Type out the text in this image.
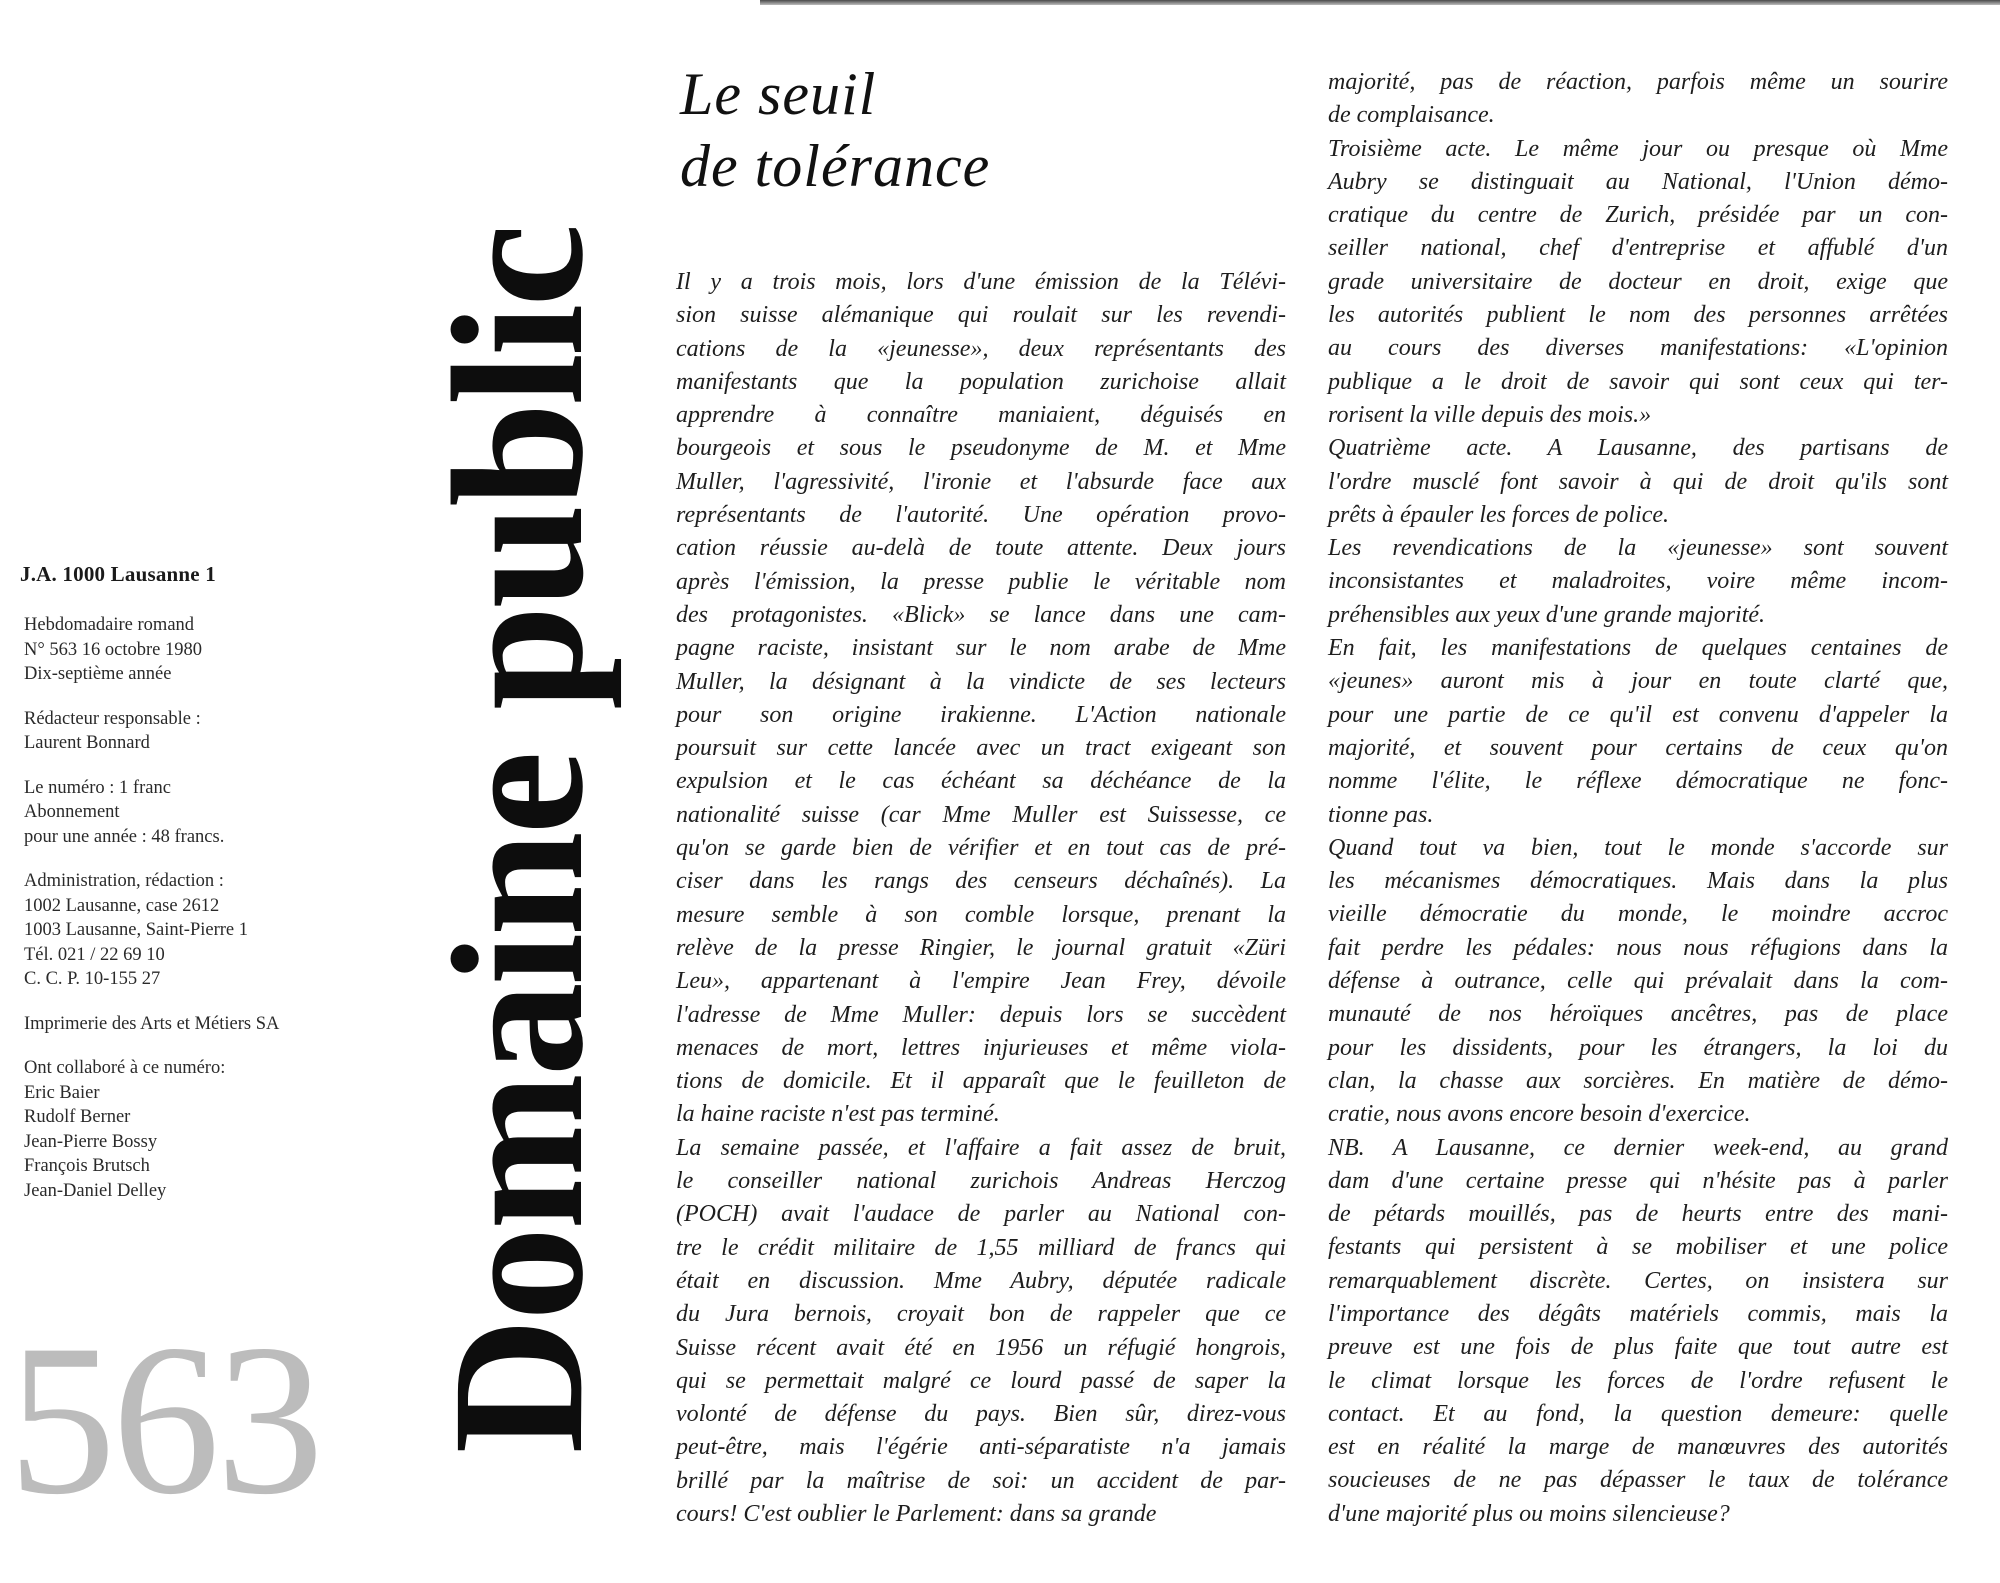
J.A. 1000 Lausanne 1
Hebdomadaire romand
N° 563 16 octobre 1980
Dix-septième année
Rédacteur responsable :
Laurent Bonnard
Le numéro : 1 franc
Abonnement
pour une année : 48 francs.
Administration, rédaction :
1002 Lausanne, case 2612
1003 Lausanne, Saint-Pierre 1
Tél. 021 / 22 69 10
C. C. P. 10-155 27
Imprimerie des Arts et Métiers SA
Ont collaboré à ce numéro:
Eric Baier
Rudolf Berner
Jean-Pierre Bossy
François Brutsch
Jean-Daniel Delley
563 Domaine public
Le seuil
de tolérance
Il y a trois mois, lors d'une émission de la Télévi-
sion suisse alémanique qui roulait sur les revendi-
cations de la «jeunesse», deux représentants des
manifestants que la population zurichoise allait
apprendre à connaître maniaient, déguisés en
bourgeois et sous le pseudonyme de M. et Mme
Muller, l'agressivité, l'ironie et l'absurde face aux
représentants de l'autorité. Une opération provo-
cation réussie au-delà de toute attente. Deux jours
après l'émission, la presse publie le véritable nom
des protagonistes. «Blick» se lance dans une cam-
pagne raciste, insistant sur le nom arabe de Mme
Muller, la désignant à la vindicte de ses lecteurs
pour son origine irakienne. L'Action nationale
poursuit sur cette lancée avec un tract exigeant son
expulsion et le cas échéant sa déchéance de la
nationalité suisse (car Mme Muller est Suissesse, ce
qu'on se garde bien de vérifier et en tout cas de pré-
ciser dans les rangs des censeurs déchaînés). La
mesure semble à son comble lorsque, prenant la
relève de la presse Ringier, le journal gratuit «Züri
Leu», appartenant à l'empire Jean Frey, dévoile
l'adresse de Mme Muller: depuis lors se succèdent
menaces de mort, lettres injurieuses et même viola-
tions de domicile. Et il apparaît que le feuilleton de
la haine raciste n'est pas terminé.
La semaine passée, et l'affaire a fait assez de bruit,
le conseiller national zurichois Andreas Herczog
(POCH) avait l'audace de parler au National con-
tre le crédit militaire de 1,55 milliard de francs qui
était en discussion. Mme Aubry, députée radicale
du Jura bernois, croyait bon de rappeler que ce
Suisse récent avait été en 1956 un réfugié hongrois,
qui se permettait malgré ce lourd passé de saper la
volonté de défense du pays. Bien sûr, direz-vous
peut-être, mais l'égérie anti-séparatiste n'a jamais
brillé par la maîtrise de soi: un accident de par-
cours! C'est oublier le Parlement: dans sa grande
majorité, pas de réaction, parfois même un sourire
de complaisance.
Troisième acte. Le même jour ou presque où Mme
Aubry se distinguait au National, l'Union démo-
cratique du centre de Zurich, présidée par un con-
seiller national, chef d'entreprise et affublé d'un
grade universitaire de docteur en droit, exige que
les autorités publient le nom des personnes arrêtées
au cours des diverses manifestations: «L'opinion
publique a le droit de savoir qui sont ceux qui ter-
rorisent la ville depuis des mois.»
Quatrième acte. A Lausanne, des partisans de
l'ordre musclé font savoir à qui de droit qu'ils sont
prêts à épauler les forces de police.
Les revendications de la «jeunesse» sont souvent
inconsistantes et maladroites, voire même incom-
préhensibles aux yeux d'une grande majorité.
En fait, les manifestations de quelques centaines de
«jeunes» auront mis à jour en toute clarté que,
pour une partie de ce qu'il est convenu d'appeler la
majorité, et souvent pour certains de ceux qu'on
nomme l'élite, le réflexe démocratique ne fonc-
tionne pas.
Quand tout va bien, tout le monde s'accorde sur
les mécanismes démocratiques. Mais dans la plus
vieille démocratie du monde, le moindre accroc
fait perdre les pédales: nous nous réfugions dans la
défense à outrance, celle qui prévalait dans la com-
munauté de nos héroïques ancêtres, pas de place
pour les dissidents, pour les étrangers, la loi du
clan, la chasse aux sorcières. En matière de démo-
cratie, nous avons encore besoin d'exercice.
NB. A Lausanne, ce dernier week-end, au grand
dam d'une certaine presse qui n'hésite pas à parler
de pétards mouillés, pas de heurts entre des mani-
festants qui persistent à se mobiliser et une police
remarquablement discrète. Certes, on insistera sur
l'importance des dégâts matériels commis, mais la
preuve est une fois de plus faite que tout autre est
le climat lorsque les forces de l'ordre refusent le
contact. Et au fond, la question demeure: quelle
est en réalité la marge de manœuvres des autorités
soucieuses de ne pas dépasser le taux de tolérance
d'une majorité plus ou moins silencieuse?
